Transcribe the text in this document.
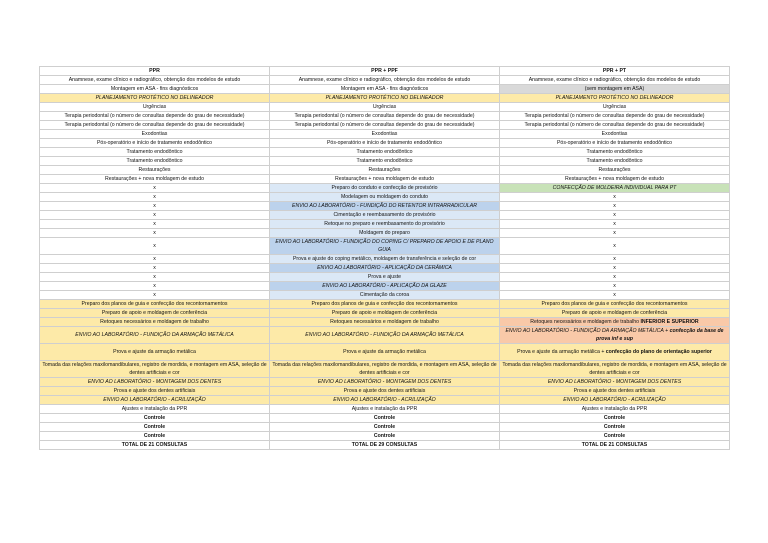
PPR	PPR + PPF	PPR + PT
Anamnese, exame clínico e radiográfico, obtenção dos modelos de estudo	Anamnese, exame clínico e radiográfico, obtenção dos modelos de estudo	Anamnese, exame clínico e radiográfico, obtenção dos modelos de estudo
Montagem em ASA - fins diagnósticos	Montagem em ASA - fins diagnósticos	(sem montagem em ASA)
PLANEJAMENTO PROTÉTICO NO DELINEADOR	PLANEJAMENTO PROTÉTICO NO DELINEADOR	PLANEJAMENTO PROTÉTICO NO DELINEADOR
Urgências	Urgências	Urgências
Terapia periodontal (o número de consultas depende do grau de necessidade)	Terapia periodontal (o número de consultas depende do grau de necessidade)	Terapia periodontal (o número de consultas depende do grau de necessidade)
Terapia periodontal (o número de consultas depende do grau de necessidade)	Terapia periodontal (o número de consultas depende do grau de necessidade)	Terapia periodontal (o número de consultas depende do grau de necessidade)
Exodontias	Exodontias	Exodontias
Pós-operatório e início de tratamento endodôntico	Pós-operatório e início de tratamento endodôntico	Pós-operatório e início de tratamento endodôntico
Tratamento endodôntico	Tratamento endodôntico	Tratamento endodôntico
Tratamento endodôntico	Tratamento endodôntico	Tratamento endodôntico
Restaurações	Restaurações	Restaurações
Restaurações + nova moldagem de estudo	Restaurações + nova moldagem de estudo	Restaurações + nova moldagem de estudo
x	Preparo do conduto e confecção de provisório	CONFECÇÃO DE MOLDEIRA INDIVIDUAL PARA PT
x	Modelagem ou moldagem do conduto	x
x	ENVIO AO LABORATÓRIO - FUNDIÇÃO DO RETENTOR INTRARRADICULAR	x
x	Cimentação e reembasamento do provisório	x
x	Retoque no preparo e reembasamento do provisório	x
x	Moldagem do preparo	x
x	ENVIO AO LABORATÓRIO - FUNDIÇÃO DO COPING C/ PREPARO DE APOIO E DE PLANO GUIA	x
x	Prova e ajuste do coping metálico, moldagem de transferência e seleção de cor	x
x	ENVIO AO LABORATÓRIO - APLICAÇÃO DA CERÂMICA	x
x	Prova e ajuste	x
x	ENVIO AO LABORATÓRIO - APLICAÇÃO DA GLAZE	x
x	Cimentação da coroa	x
Preparo dos planos de guia e confecção dos recontornamentos	Preparo dos planos de guia e confecção dos recontornamentos	Preparo dos planos de guia e confecção dos recontornamentos
Preparo de apoio e moldagem de conferência	Preparo de apoio e moldagem de conferência	Preparo de apoio e moldagem de conferência
Retoques necessários e moldagem de trabalho	Retoques necessários e moldagem de trabalho	Retoques necessários e moldagem de trabalho INFERIOR E SUPERIOR
ENVIO AO LABORATÓRIO - FUNDIÇÃO DA ARMAÇÃO METÁLICA	ENVIO AO LABORATÓRIO - FUNDIÇÃO DA ARMAÇÃO METÁLICA	ENVIO AO LABORATÓRIO - FUNDIÇÃO DA ARMAÇÃO METÁLICA + confecção da base de prova inf e sup
Prova e ajuste da armação metálica	Prova e ajuste da armação metálica	Prova e ajuste da armação metálica + confecção do plano de orientação superior
Tomada das relações maxilomandibulares, registro de mordida, e montagem em ASA, seleção de dentes artificiais e cor	Tomada das relações maxilomandibulares, registro de mordida, e montagem em ASA, seleção de dentes artificiais e cor	Tomada das relações maxilomandibulares, registro de mordida, e montagem em ASA, seleção de dentes artificiais e cor
ENVIO AO LABORATÓRIO - MONTAGEM DOS DENTES	ENVIO AO LABORATÓRIO - MONTAGEM DOS DENTES	ENVIO AO LABORATÓRIO - MONTAGEM DOS DENTES
Prova e ajuste dos dentes artificiais	Prova e ajuste dos dentes artificiais	Prova e ajuste dos dentes artificiais
ENVIO AO LABORATÓRIO - ACRILIZAÇÃO	ENVIO AO LABORATÓRIO - ACRILIZAÇÃO	ENVIO AO LABORATÓRIO - ACRILIZAÇÃO
Ajustes e instalação da PPR	Ajustes e instalação da PPR	Ajustes e instalação da PPR
Controle	Controle	Controle
Controle	Controle	Controle
Controle	Controle	Controle
TOTAL DE 21 CONSULTAS	TOTAL DE 29 CONSULTAS	TOTAL DE 21 CONSULTAS
